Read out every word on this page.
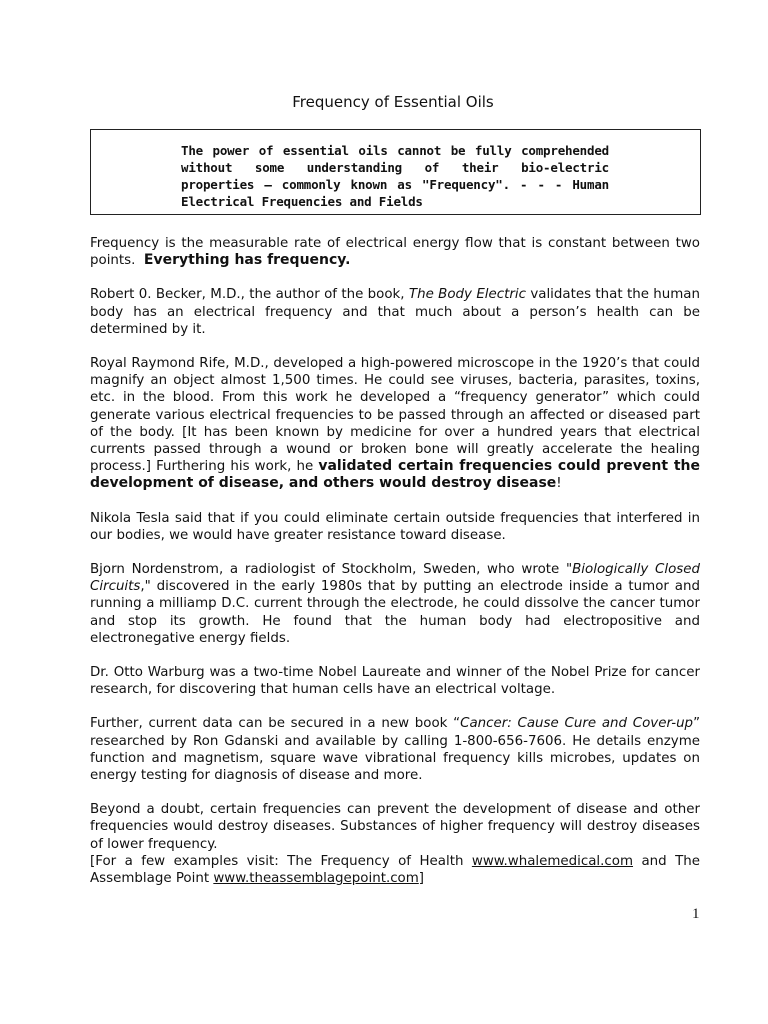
Frequency of Essential Oils
The power of essential oils cannot be fully comprehended without some understanding of their bio-electric properties – commonly known as "Frequency". - - - Human Electrical Frequencies and Fields

Frequency is the measurable rate of electrical energy flow that is constant between two points. Everything has frequency.

Robert 0. Becker, M.D., the author of the book, The Body Electric validates that the human body has an electrical frequency and that much about a person’s health can be determined by it.

Royal Raymond Rife, M.D., developed a high-powered microscope in the 1920’s that could magnify an object almost 1,500 times. He could see viruses, bacteria, parasites, toxins, etc. in the blood. From this work he developed a “frequency generator” which could generate various electrical frequencies to be passed through an affected or diseased part of the body. [It has been known by medicine for over a hundred years that electrical currents passed through a wound or broken bone will greatly accelerate the healing process.] Furthering his work, he validated certain frequencies could prevent the development of disease, and others would destroy disease!

Nikola Tesla said that if you could eliminate certain outside frequencies that interfered in our bodies, we would have greater resistance toward disease.

Bjorn Nordenstrom, a radiologist of Stockholm, Sweden, who wrote "Biologically Closed Circuits," discovered in the early 1980s that by putting an electrode inside a tumor and running a milliamp D.C. current through the electrode, he could dissolve the cancer tumor and stop its growth. He found that the human body had electropositive and electronegative energy fields.

Dr. Otto Warburg was a two-time Nobel Laureate and winner of the Nobel Prize for cancer research, for discovering that human cells have an electrical voltage.

Further, current data can be secured in a new book “Cancer: Cause Cure and Cover-up” researched by Ron Gdanski and available by calling 1-800-656-7606. He details enzyme function and magnetism, square wave vibrational frequency kills microbes, updates on energy testing for diagnosis of disease and more.

Beyond a doubt, certain frequencies can prevent the development of disease and other frequencies would destroy diseases. Substances of higher frequency will destroy diseases of lower frequency.

[For a few examples visit: The Frequency of Health www.whalemedical.com and The Assemblage Point www.theassemblagepoint.com]

1
